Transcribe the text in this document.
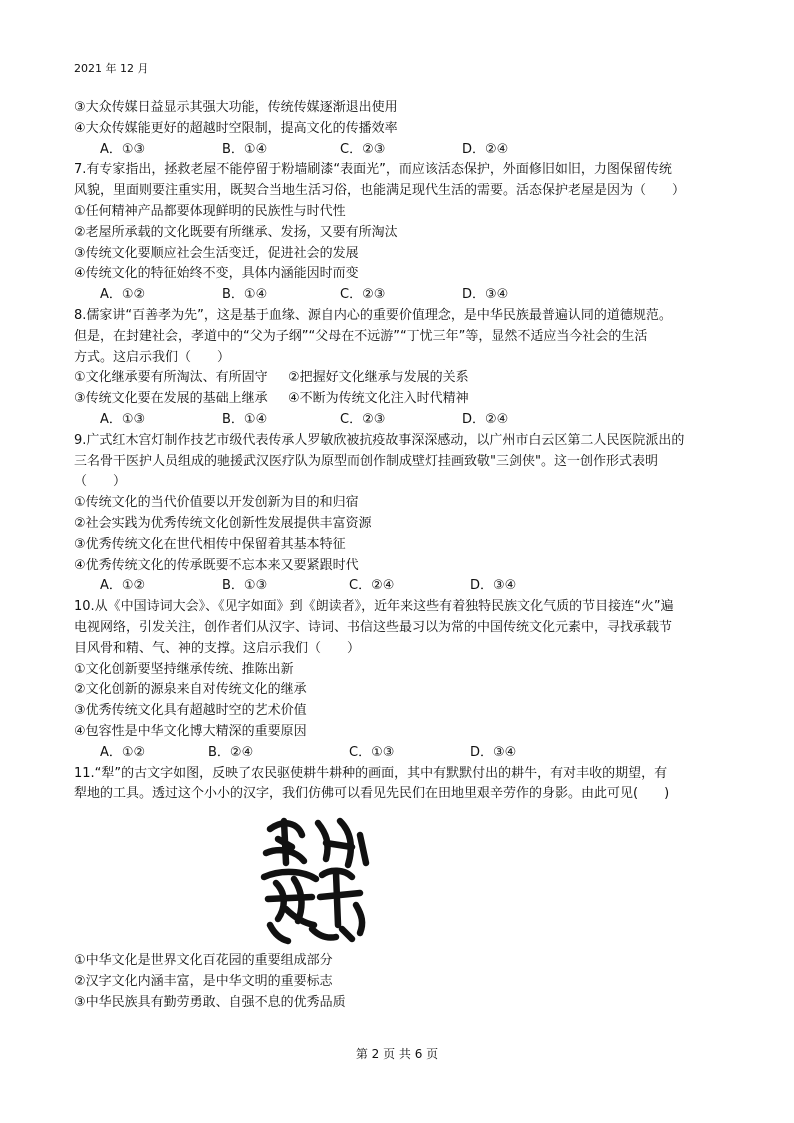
2021 年 12 月
③大众传媒日益显示其强大功能，传统传媒逐渐退出使用
④大众传媒能更好的超越时空限制，提高文化的传播效率
A．①③	B．①④	C．②③	D．②④
7.有专家指出，拯救老屋不能停留于粉墙刷漆“表面光”，而应该活态保护，外面修旧如旧，力图保留传统
风貌，里面则要注重实用，既契合当地生活习俗，也能满足现代生活的需要。活态保护老屋是因为（　　）
①任何精神产品都要体现鲜明的民族性与时代性
②老屋所承载的文化既要有所继承、发扬，又要有所淘汰
③传统文化要顺应社会生活变迁，促进社会的发展
④传统文化的特征始终不变，具体内涵能因时而变
A．①②	B．①④	C．②③	D．③④
8.儒家讲“百善孝为先”，这是基于血缘、源自内心的重要价值理念，是中华民族最普遍认同的道德规范。
但是，在封建社会，孝道中的“父为子纲”“父母在不远游”“丁忧三年”等，显然不适应当今社会的生活
方式。这启示我们（　　）
①文化继承要有所淘汰、有所固守 ②把握好文化继承与发展的关系
③传统文化要在发展的基础上继承 ④不断为传统文化注入时代精神
A．①③	B．①④	C．②③	D．②④
9.广式红木宫灯制作技艺市级代表传承人罗敏欣被抗疫故事深深感动，以广州市白云区第二人民医院派出的
三名骨干医护人员组成的驰援武汉医疗队为原型而创作制成壁灯挂画致敬"三剑侠"。这一创作形式表明
（　　）
①传统文化的当代价值要以开发创新为目的和归宿
②社会实践为优秀传统文化创新性发展提供丰富资源
③优秀传统文化在世代相传中保留着其基本特征
④优秀传统文化的传承既要不忘本来又要紧跟时代
A．①②	B．①③	C．②④	D．③④
10.从《中国诗词大会》、《见字如面》到《朗读者》，近年来这些有着独特民族文化气质的节目接连“火”遍
电视网络，引发关注，创作者们从汉字、诗词、书信这些最习以为常的中国传统文化元素中，寻找承载节
目风骨和精、气、神的支撑。这启示我们（　　）
①文化创新要坚持继承传统、推陈出新
②文化创新的源泉来自对传统文化的继承
③优秀传统文化具有超越时空的艺术价值
④包容性是中华文化博大精深的重要原因
A．①②	B．②④	C．①③	D．③④
11.“犁”的古文字如图，反映了农民驱使耕牛耕种的画面，其中有默默付出的耕牛，有对丰收的期望，有
犁地的工具。透过这个小小的汉字，我们仿佛可以看见先民们在田地里艰辛劳作的身影。由此可见(　　)
①中华文化是世界文化百花园的重要组成部分
②汉字文化内涵丰富，是中华文明的重要标志
③中华民族具有勤劳勇敢、自强不息的优秀品质
第 2 页 共 6 页
